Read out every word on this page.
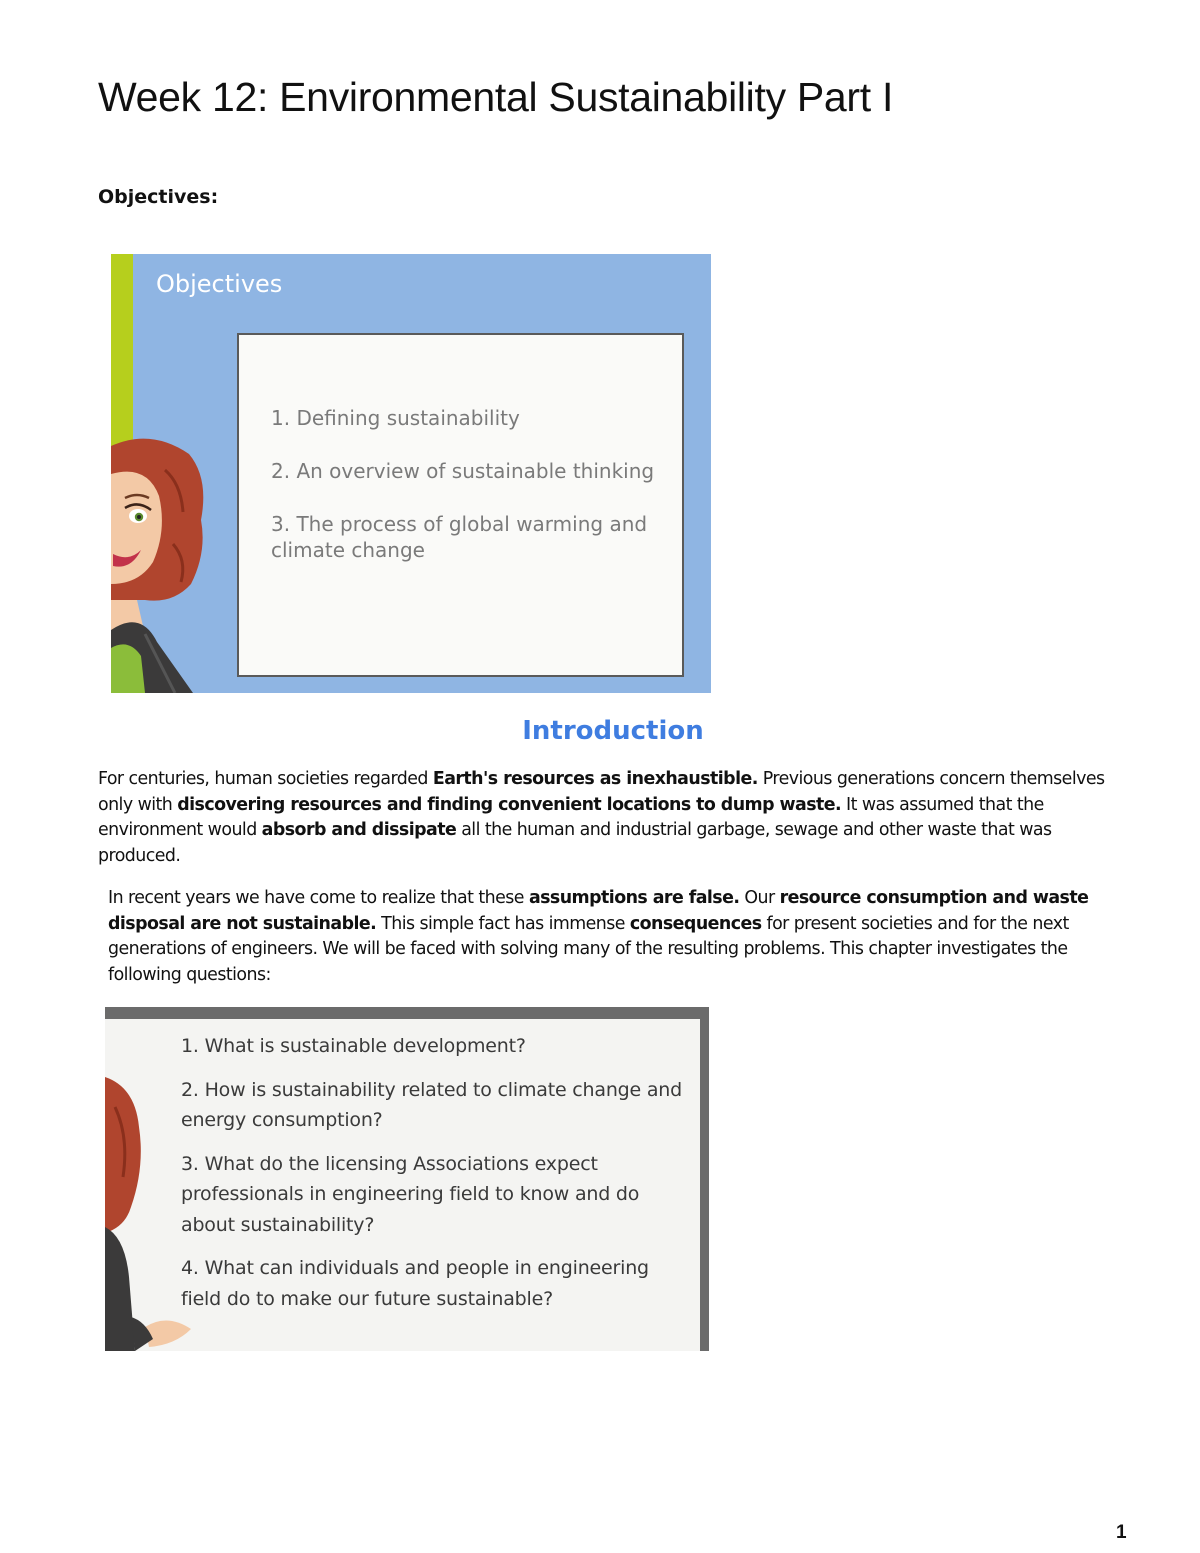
Week 12: Environmental Sustainability Part I

Objectives:

Objectives
1. Defining sustainability
2. An overview of sustainable thinking
3. The process of global warming and climate change
Introduction

For centuries, human societies regarded Earth's resources as inexhaustible. Previous generations concern themselves only with discovering resources and finding convenient locations to dump waste. It was assumed that the environment would absorb and dissipate all the human and industrial garbage, sewage and other waste that was produced.

In recent years we have come to realize that these assumptions are false. Our resource consumption and waste disposal are not sustainable. This simple fact has immense consequences for present societies and for the next generations of engineers. We will be faced with solving many of the resulting problems. This chapter investigates the following questions:

1. What is sustainable development?
2. How is sustainability related to climate change and energy consumption?
3. What do the licensing Associations expect professionals in engineering field to know and do about sustainability?
4. What can individuals and people in engineering field do to make our future sustainable?
1
